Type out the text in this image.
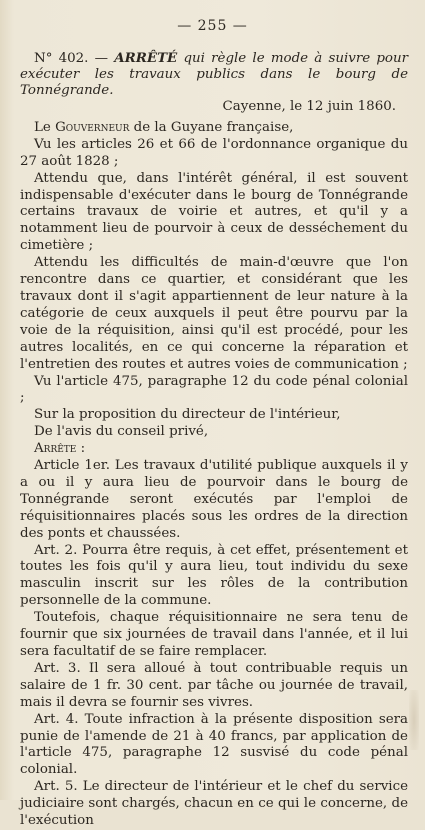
— 255 —

N° 402. — ARRÊTÉ qui règle le mode à suivre pour exécuter les travaux publics dans le bourg de Tonnégrande.

Cayenne, le 12 juin 1860.

Le Gouverneur de la Guyane française,

Vu les articles 26 et 66 de l'ordonnance organique du 27 août 1828 ;

Attendu que, dans l'intérêt général, il est souvent indispensable d'exécuter dans le bourg de Tonnégrande certains travaux de voirie et autres, et qu'il y a notamment lieu de pourvoir à ceux de desséchement du cimetière ;

Attendu les difficultés de main-d'œuvre que l'on rencontre dans ce quartier, et considérant que les travaux dont il s'agit appartiennent de leur nature à la catégorie de ceux auxquels il peut être pourvu par la voie de la réquisition, ainsi qu'il est procédé, pour les autres localités, en ce qui concerne la réparation et l'entretien des routes et autres voies de communication ;

Vu l'article 475, paragraphe 12 du code pénal colonial ;

Sur la proposition du directeur de l'intérieur,

De l'avis du conseil privé,

Arrête :

Article 1er. Les travaux d'utilité publique auxquels il y a ou il y aura lieu de pourvoir dans le bourg de Tonnégrande seront exécutés par l'emploi de réquisitionnaires placés sous les ordres de la direction des ponts et chaussées.

Art. 2. Pourra être requis, à cet effet, présentement et toutes les fois qu'il y aura lieu, tout individu du sexe masculin inscrit sur les rôles de la contribution personnelle de la commune.

Toutefois, chaque réquisitionnaire ne sera tenu de fournir que six journées de travail dans l'année, et il lui sera facultatif de se faire remplacer.

Art. 3. Il sera alloué à tout contribuable requis un salaire de 1 fr. 30 cent. par tâche ou journée de travail, mais il devra se fournir ses vivres.

Art. 4. Toute infraction à la présente disposition sera punie de l'amende de 21 à 40 francs, par application de l'article 475, paragraphe 12 susvisé du code pénal colonial.

Art. 5. Le directeur de l'intérieur et le chef du service judiciaire sont chargés, chacun en ce qui le concerne, de l'exécution
